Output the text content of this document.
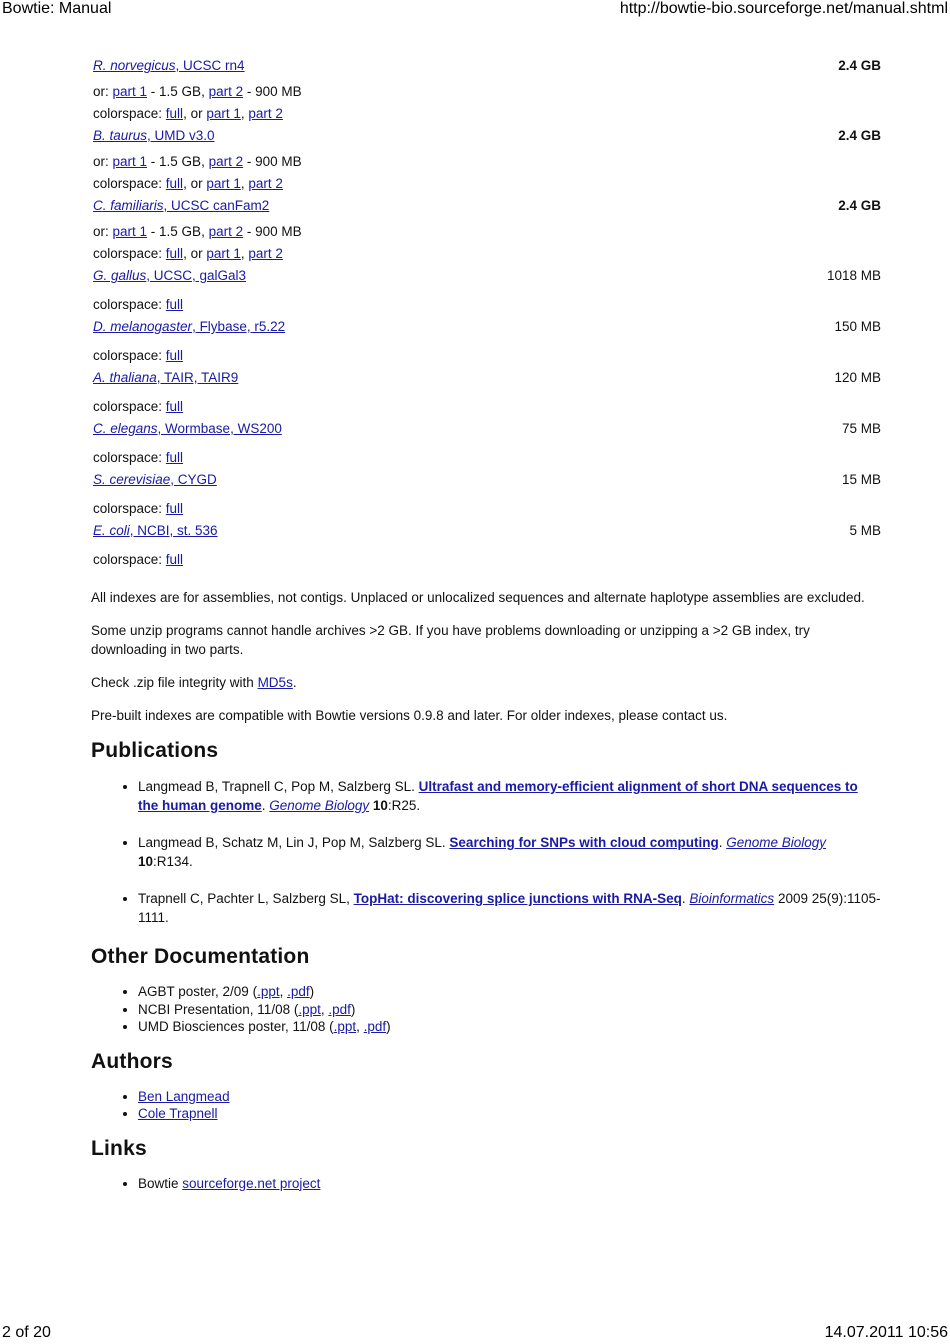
Bowtie: Manual	http://bowtie-bio.sourceforge.net/manual.shtml
R. norvegicus, UCSC rn4	2.4 GB
or: part 1 - 1.5 GB, part 2 - 900 MB	
colorspace: full, or part 1, part 2	
B. taurus, UMD v3.0	2.4 GB
or: part 1 - 1.5 GB, part 2 - 900 MB	
colorspace: full, or part 1, part 2	
C. familiaris, UCSC canFam2	2.4 GB
or: part 1 - 1.5 GB, part 2 - 900 MB	
colorspace: full, or part 1, part 2	
G. gallus, UCSC, galGal3	1018 MB
colorspace: full	
D. melanogaster, Flybase, r5.22	150 MB
colorspace: full	
A. thaliana, TAIR, TAIR9	120 MB
colorspace: full	
C. elegans, Wormbase, WS200	75 MB
colorspace: full	
S. cerevisiae, CYGD	15 MB
colorspace: full	
E. coli, NCBI, st. 536	5 MB
colorspace: full	

All indexes are for assemblies, not contigs. Unplaced or unlocalized sequences and alternate haplotype assemblies are excluded.

Some unzip programs cannot handle archives >2 GB. If you have problems downloading or unzipping a >2 GB index, try downloading in two parts.

Check .zip file integrity with MD5s.

Pre-built indexes are compatible with Bowtie versions 0.9.8 and later. For older indexes, please contact us.

Publications
• Langmead B, Trapnell C, Pop M, Salzberg SL. Ultrafast and memory-efficient alignment of short DNA sequences to the human genome. Genome Biology 10:R25.
• Langmead B, Schatz M, Lin J, Pop M, Salzberg SL. Searching for SNPs with cloud computing. Genome Biology 10:R134.
• Trapnell C, Pachter L, Salzberg SL, TopHat: discovering splice junctions with RNA-Seq. Bioinformatics 2009 25(9):1105-1111.
Other Documentation
• AGBT poster, 2/09 (.ppt, .pdf)
• NCBI Presentation, 11/08 (.ppt, .pdf)
• UMD Biosciences poster, 11/08 (.ppt, .pdf)
Authors
• Ben Langmead
• Cole Trapnell
Links
• Bowtie sourceforge.net project
2 of 20	14.07.2011 10:56
